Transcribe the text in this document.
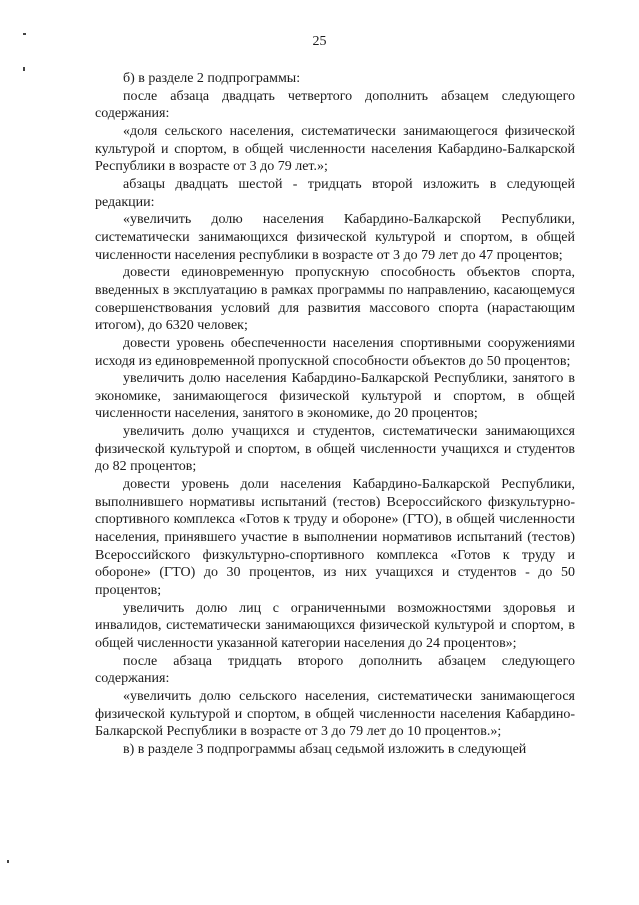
25

б) в разделе 2 подпрограммы:

после абзаца двадцать четвертого дополнить абзацем следующего содержания:

«доля сельского населения, систематически занимающегося физической культурой и спортом, в общей численности населения Кабардино-Балкарской Республики в возрасте от 3 до 79 лет.»;

абзацы двадцать шестой - тридцать второй изложить в следующей редакции:

«увеличить долю населения Кабардино-Балкарской Республики, систематически занимающихся физической культурой и спортом, в общей численности населения республики в возрасте от 3 до 79 лет до 47 процентов;

довести единовременную пропускную способность объектов спорта, введенных в эксплуатацию в рамках программы по направлению, касающемуся совершенствования условий для развития массового спорта (нарастающим итогом), до 6320 человек;

довести уровень обеспеченности населения спортивными сооружениями исходя из единовременной пропускной способности объектов до 50 процентов;

увеличить долю населения Кабардино-Балкарской Республики, занятого в экономике, занимающегося физической культурой и спортом, в общей численности населения, занятого в экономике, до 20 процентов;

увеличить долю учащихся и студентов, систематически занимающихся физической культурой и спортом, в общей численности учащихся и студентов до 82 процентов;

довести уровень доли населения Кабардино-Балкарской Республики, выполнившего нормативы испытаний (тестов) Всероссийского физкультурно-спортивного комплекса «Готов к труду и обороне» (ГТО), в общей численности населения, принявшего участие в выполнении нормативов испытаний (тестов) Всероссийского физкультурно-спортивного комплекса «Готов к труду и обороне» (ГТО) до 30 процентов, из них учащихся и студентов - до 50 процентов;

увеличить долю лиц с ограниченными возможностями здоровья и инвалидов, систематически занимающихся физической культурой и спортом, в общей численности указанной категории населения до 24 процентов»;

после абзаца тридцать второго дополнить абзацем следующего содержания:

«увеличить долю сельского населения, систематически занимающегося физической культурой и спортом, в общей численности населения Кабардино-Балкарской Республики в возрасте от 3 до 79 лет до 10 процентов.»;

в) в разделе 3 подпрограммы абзац седьмой изложить в следующей
